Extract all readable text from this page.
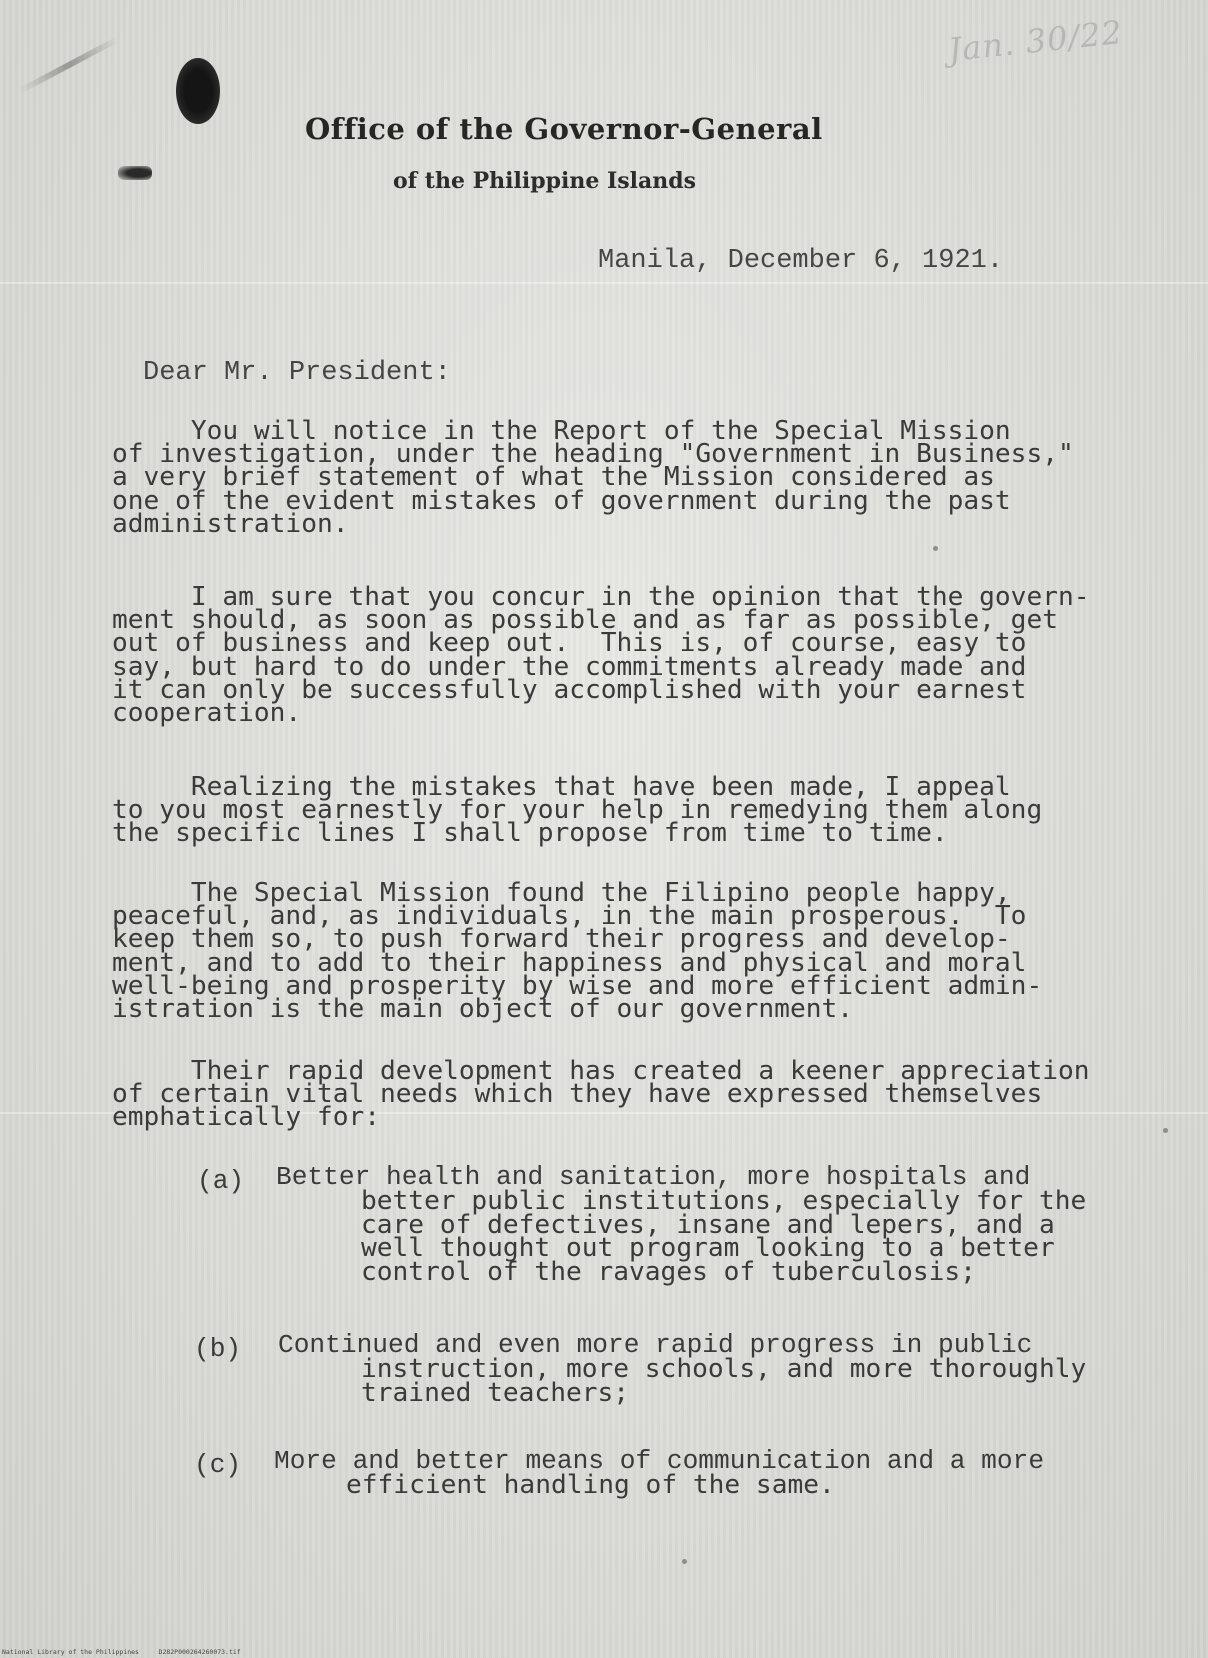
Jan. 30/22
Office of the Governor-General
of the Philippine Islands
Manila, December 6, 1921.
Dear Mr. President:
You will notice in the Report of the Special Mission
of investigation, under the heading "Government in Business,"
a very brief statement of what the Mission considered as
one of the evident mistakes of government during the past
administration.
I am sure that you concur in the opinion that the govern-
ment should, as soon as possible and as far as possible, get
out of business and keep out.  This is, of course, easy to
say, but hard to do under the commitments already made and
it can only be successfully accomplished with your earnest
cooperation.
Realizing the mistakes that have been made, I appeal
to you most earnestly for your help in remedying them along
the specific lines I shall propose from time to time.
The Special Mission found the Filipino people happy,
peaceful, and, as individuals, in the main prosperous.  To
keep them so, to push forward their progress and develop-
ment, and to add to their happiness and physical and moral
well-being and prosperity by wise and more efficient admin-
istration is the main object of our government.
Their rapid development has created a keener appreciation
of certain vital needs which they have expressed themselves
emphatically for:
(a) Better health and sanitation, more hospitals and
better public institutions, especially for the
care of defectives, insane and lepers, and a
well thought out program looking to a better
control of the ravages of tuberculosis;
(b) Continued and even more rapid progress in public
instruction, more schools, and more thoroughly
trained teachers;
(c) More and better means of communication and a more
efficient handling of the same.
National Library of the Philippines     D282P000264260073.tif
